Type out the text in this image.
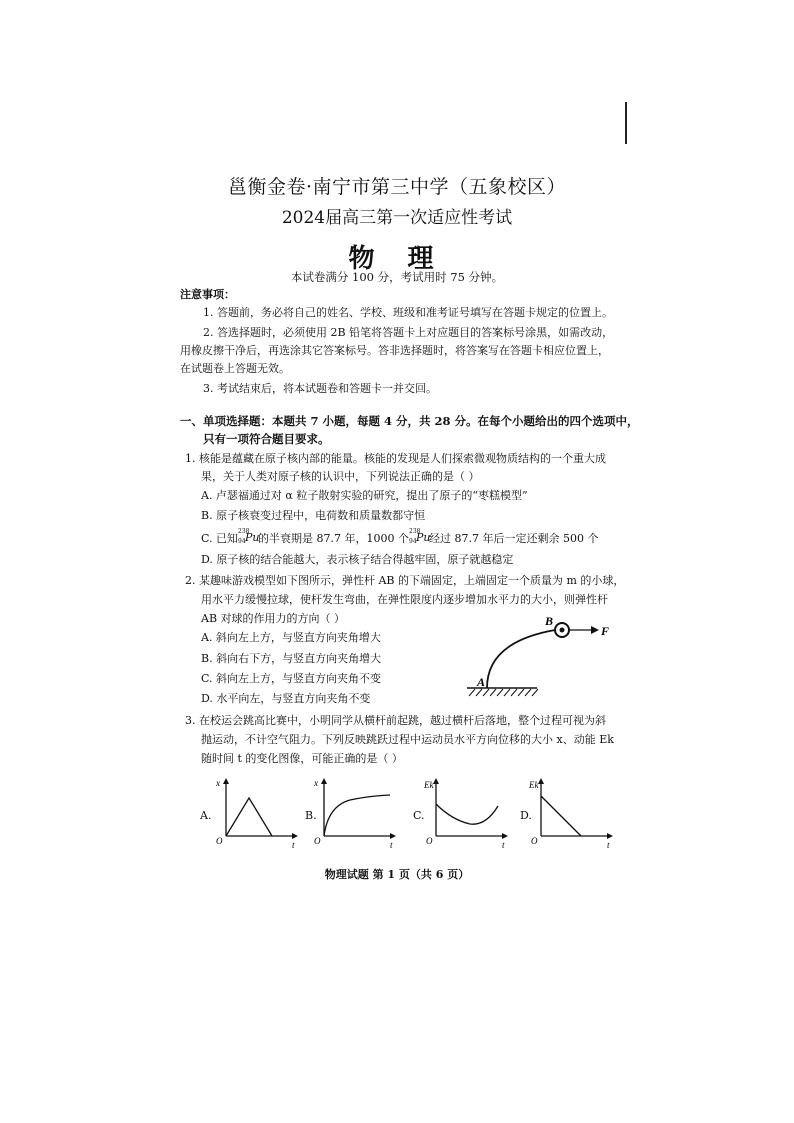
邕衡金卷·南宁市第三中学（五象校区）
2024届高三第一次适应性考试
物 理
本试卷满分 100 分，考试用时 75 分钟。
注意事项：
1. 答题前，务必将自己的姓名、学校、班级和准考证号填写在答题卡规定的位置上。
2. 答选择题时，必须使用 2B 铅笔将答题卡上对应题目的答案标号涂黑，如需改动，
用橡皮擦干净后，再选涂其它答案标号。答非选择题时，将答案写在答题卡相应位置上，
在试题卷上答题无效。
3. 考试结束后，将本试题卷和答题卡一并交回。
一、单项选择题：本题共 7 小题，每题 4 分，共 28 分。在每个小题给出的四个选项中，
只有一项符合题目要求。
1. 核能是蕴藏在原子核内部的能量。核能的发现是人们探索微观物质结构的一个重大成
果，关于人类对原子核的认识中，下列说法正确的是（ ）
A. 卢瑟福通过对 α 粒子散射实验的研究，提出了原子的“枣糕模型”
B. 原子核衰变过程中，电荷数和质量数都守恒
C. 已知
238
94 Pu
的半衰期是 87.7 年，1000 个
238
94 Pu
经过 87.7 年后一定还剩余 500 个
D. 原子核的结合能越大，表示核子结合得越牢固，原子就越稳定
2. 某趣味游戏模型如下图所示，弹性杆 AB 的下端固定，上端固定一个质量为 m 的小球，
用水平力缓慢拉球，使杆发生弯曲，在弹性限度内逐步增加水平力的大小，则弹性杆
AB 对球的作用力的方向（ ）
A. 斜向左上方，与竖直方向夹角增大
B. 斜向右下方，与竖直方向夹角增大
C. 斜向左上方，与竖直方向夹角不变
D. 水平向左，与竖直方向夹角不变
A
B
F
3. 在校运会跳高比赛中，小明同学从横杆前起跳，越过横杆后落地，整个过程可视为斜
抛运动，不计空气阻力。下列反映跳跃过程中运动员水平方向位移的大小 x、动能 Ek
随时间 t 的变化图像，可能正确的是（ ）
A.
x
O	t
B.
x
O	t
C.
Ek
O	t
D.
Ek
O	t
物理试题 第 1 页（共 6 页）
